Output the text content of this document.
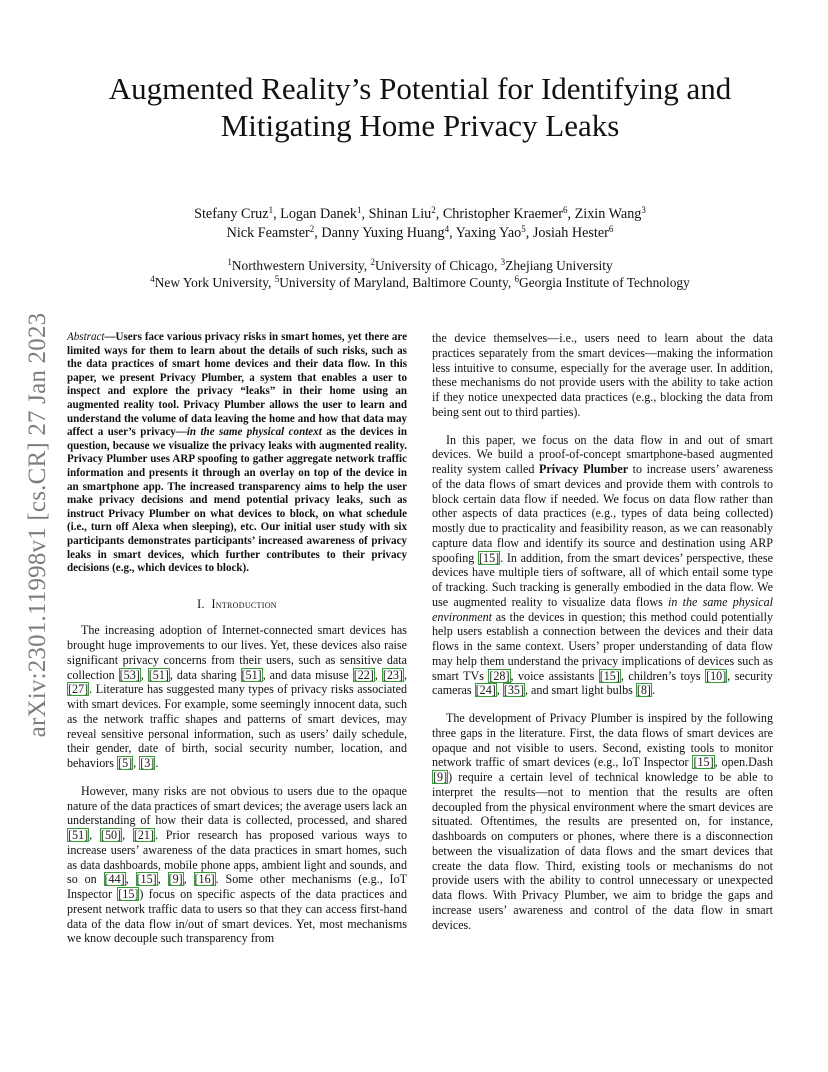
arXiv:2301.11998v1 [cs.CR] 27 Jan 2023
Augmented Reality’s Potential for Identifying and
Mitigating Home Privacy Leaks
Stefany Cruz$^1$, Logan Danek$^1$, Shinan Liu$^2$, Christopher Kraemer$^6$, Zixin Wang$^3$
Nick Feamster$^2$, Danny Yuxing Huang$^4$, Yaxing Yao$^5$, Josiah Hester$^6$
$^1$Northwestern University, $^2$University of Chicago, $^3$Zhejiang University
$^4$New York University, $^5$University of Maryland, Baltimore County, $^6$Georgia Institute of Technology

Abstract—Users face various privacy risks in smart homes, yet there are limited ways for them to learn about the details of such risks, such as the data practices of smart home devices and their data flow. In this paper, we present Privacy Plumber, a system that enables a user to inspect and explore the privacy “leaks” in their home using an augmented reality tool. Privacy Plumber allows the user to learn and understand the volume of data leaving the home and how that data may affect a user’s privacy—in the same physical context as the devices in question, because we visualize the privacy leaks with augmented reality. Privacy Plumber uses ARP spoofing to gather aggregate network traffic information and presents it through an overlay on top of the device in an smartphone app. The increased transparency aims to help the user make privacy decisions and mend potential privacy leaks, such as instruct Privacy Plumber on what devices to block, on what schedule (i.e., turn off Alexa when sleeping), etc. Our initial user study with six participants demonstrates participants’ increased awareness of privacy leaks in smart devices, which further contributes to their privacy decisions (e.g., which devices to block).

I. Introduction

The increasing adoption of Internet-connected smart devices has brought huge improvements to our lives. Yet, these devices also raise significant privacy concerns from their users, such as sensitive data collection [53], [51], data sharing [51], and data misuse [22], [23], [27]. Literature has suggested many types of privacy risks associated with smart devices. For example, some seemingly innocent data, such as the network traffic shapes and patterns of smart devices, may reveal sensitive personal information, such as users’ daily schedule, their gender, date of birth, social security number, location, and behaviors [5], [3].

However, many risks are not obvious to users due to the opaque nature of the data practices of smart devices; the average users lack an understanding of how their data is collected, processed, and shared [51], [50], [21]. Prior research has proposed various ways to increase users’ awareness of the data practices in smart homes, such as data dashboards, mobile phone apps, ambient light and sounds, and so on [44], [15], [9], [16]. Some other mechanisms (e.g., IoT Inspector [15]) focus on specific aspects of the data practices and present network traffic data to users so that they can access first-hand data of the data flow in/out of smart devices. Yet, most mechanisms we know decouple such transparency from

the device themselves—i.e., users need to learn about the data practices separately from the smart devices—making the information less intuitive to consume, especially for the average user. In addition, these mechanisms do not provide users with the ability to take action if they notice unexpected data practices (e.g., blocking the data from being sent out to third parties).

In this paper, we focus on the data flow in and out of smart devices. We build a proof-of-concept smartphone-based augmented reality system called Privacy Plumber to increase users’ awareness of the data flows of smart devices and provide them with controls to block certain data flow if needed. We focus on data flow rather than other aspects of data practices (e.g., types of data being collected) mostly due to practicality and feasibility reason, as we can reasonably capture data flow and identify its source and destination using ARP spoofing [15]. In addition, from the smart devices’ perspective, these devices have multiple tiers of software, all of which entail some type of tracking. Such tracking is generally embodied in the data flow. We use augmented reality to visualize data flows in the same physical environment as the devices in question; this method could potentially help users establish a connection between the devices and their data flows in the same context. Users’ proper understanding of data flow may help them understand the privacy implications of devices such as smart TVs [28], voice assistants [15], children’s toys [10], security cameras [24], [35], and smart light bulbs [8].

The development of Privacy Plumber is inspired by the following three gaps in the literature. First, the data flows of smart devices are opaque and not visible to users. Second, existing tools to monitor network traffic of smart devices (e.g., IoT Inspector [15], open.Dash [9]) require a certain level of technical knowledge to be able to interpret the results—not to mention that the results are often decoupled from the physical environment where the smart devices are situated. Oftentimes, the results are presented on, for instance, dashboards on computers or phones, where there is a disconnection between the visualization of data flows and the smart devices that create the data flow. Third, existing tools or mechanisms do not provide users with the ability to control unnecessary or unexpected data flows. With Privacy Plumber, we aim to bridge the gaps and increase users’ awareness and control of the data flow in smart devices.
